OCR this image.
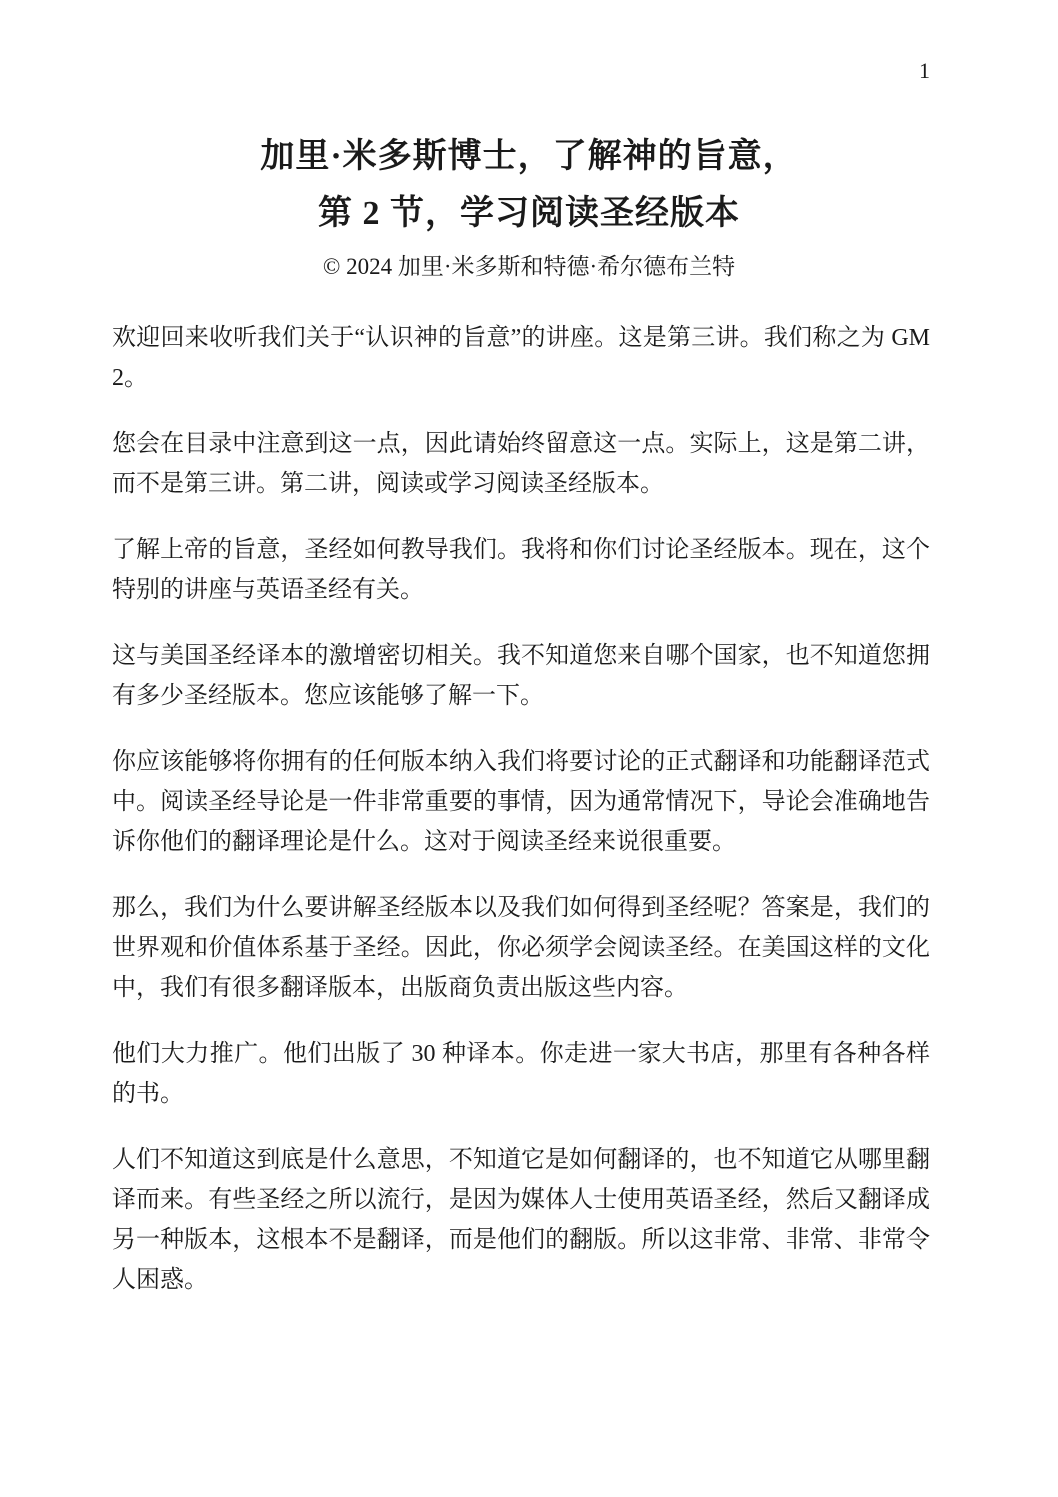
1
加里·米多斯博士，了解神的旨意，
第 2 节，学习阅读圣经版本
© 2024 加里·米多斯和特德·希尔德布兰特

欢迎回来收听我们关于“认识神的旨意”的讲座。这是第三讲。我们称之为 GM 2。

您会在目录中注意到这一点，因此请始终留意这一点。实际上，这是第二讲，而不是第三讲。第二讲，阅读或学习阅读圣经版本。

了解上帝的旨意，圣经如何教导我们。我将和你们讨论圣经版本。现在，这个特别的讲座与英语圣经有关。

这与美国圣经译本的激增密切相关。我不知道您来自哪个国家，也不知道您拥有多少圣经版本。您应该能够了解一下。

你应该能够将你拥有的任何版本纳入我们将要讨论的正式翻译和功能翻译范式中。阅读圣经导论是一件非常重要的事情，因为通常情况下，导论会准确地告诉你他们的翻译理论是什么。这对于阅读圣经来说很重要。

那么，我们为什么要讲解圣经版本以及我们如何得到圣经呢？答案是，我们的世界观和价值体系基于圣经。因此，你必须学会阅读圣经。在美国这样的文化中，我们有很多翻译版本，出版商负责出版这些内容。

他们大力推广。他们出版了 30 种译本。你走进一家大书店，那里有各种各样的书。

人们不知道这到底是什么意思，不知道它是如何翻译的，也不知道它从哪里翻译而来。有些圣经之所以流行，是因为媒体人士使用英语圣经，然后又翻译成另一种版本，这根本不是翻译，而是他们的翻版。所以这非常、非常、非常令人困惑。
